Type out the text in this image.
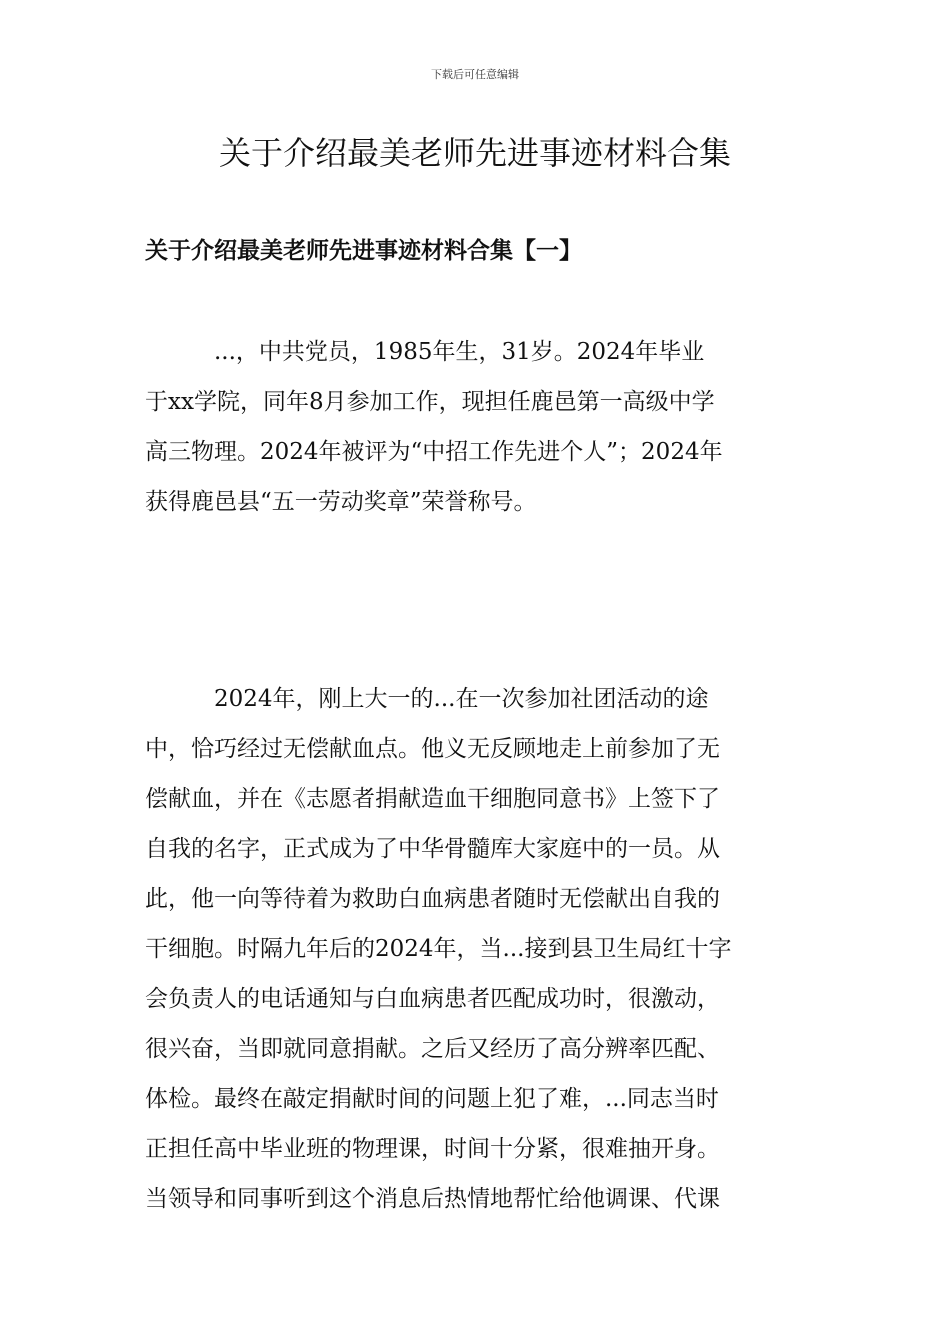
下载后可任意编辑
关于介绍最美老师先进事迹材料合集
关于介绍最美老师先进事迹材料合集【一】
　　　...，中共党员，1985年生，31岁。2024年毕业
于xx学院，同年8月参加工作，现担任鹿邑第一高级中学
高三物理。2024年被评为“中招工作先进个人”；2024年
获得鹿邑县“五一劳动奖章”荣誉称号。
　　　2024年，刚上大一的...在一次参加社团活动的途
中，恰巧经过无偿献血点。他义无反顾地走上前参加了无
偿献血，并在《志愿者捐献造血干细胞同意书》上签下了
自我的名字，正式成为了中华骨髓库大家庭中的一员。从
此，他一向等待着为救助白血病患者随时无偿献出自我的
干细胞。时隔九年后的2024年，当...接到县卫生局红十字
会负责人的电话通知与白血病患者匹配成功时，很激动，
很兴奋，当即就同意捐献。之后又经历了高分辨率匹配、
体检。最终在敲定捐献时间的问题上犯了难，...同志当时
正担任高中毕业班的物理课，时间十分紧，很难抽开身。
当领导和同事听到这个消息后热情地帮忙给他调课、代课
